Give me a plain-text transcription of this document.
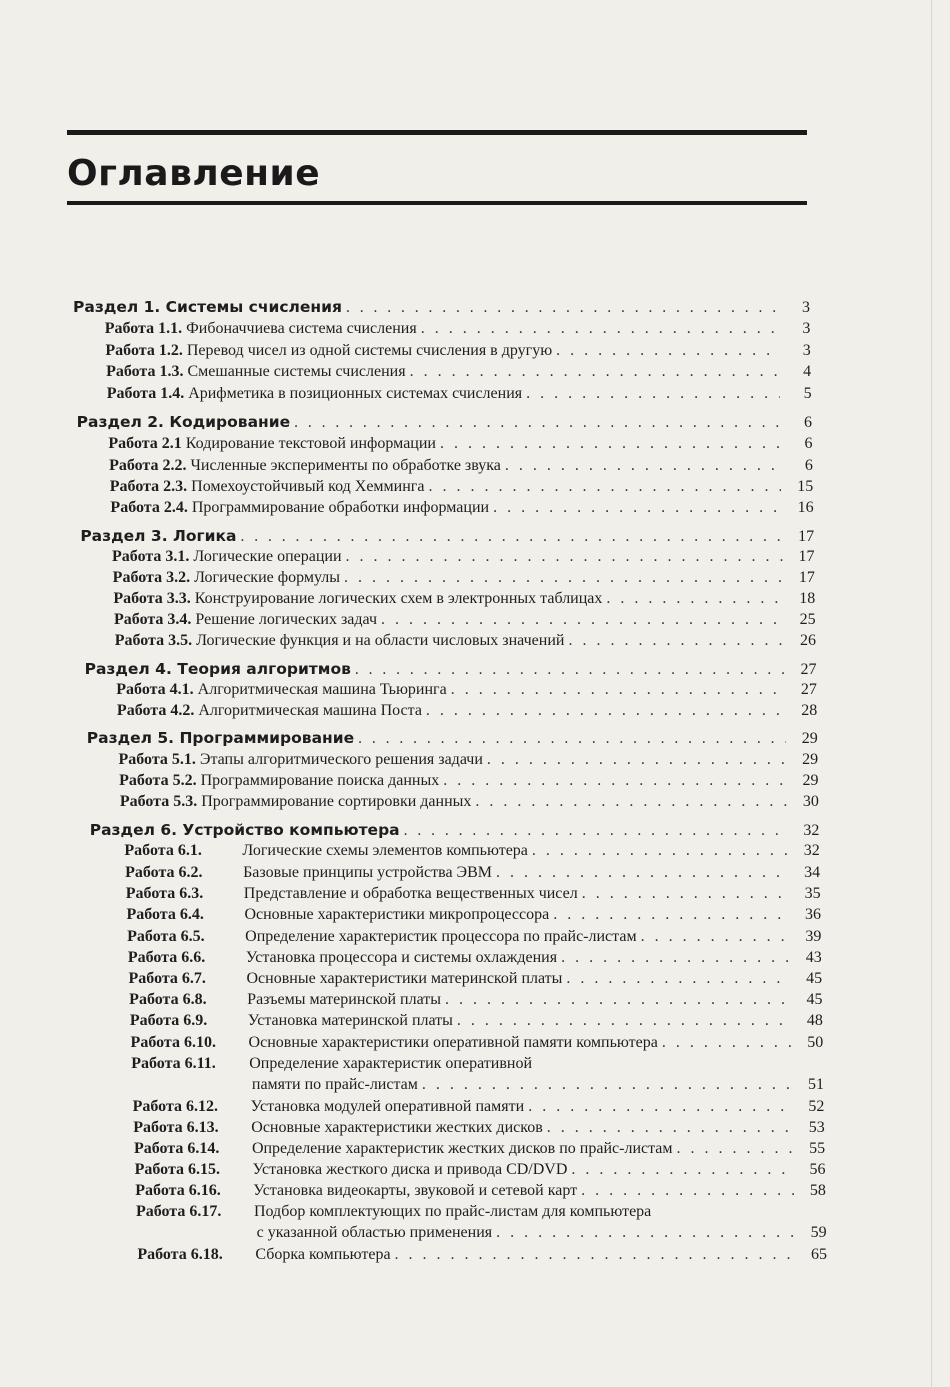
Оглавление
Раздел 1. Системы счисления . . .	3
Работа 1.1. Фибоначчиева система счисления . . .	3
Работа 1.2. Перевод чисел из одной системы счисления в другую . . .	3
Работа 1.3. Смешанные системы счисления . . .	4
Работа 1.4. Арифметика в позиционных системах счисления . . .	5
Раздел 2. Кодирование . . .	6
Работа 2.1 Кодирование текстовой информации . . .	6
Работа 2.2. Численные эксперименты по обработке звука . . .	6
Работа 2.3. Помехоустойчивый код Хемминга . . .	15
Работа 2.4. Программирование обработки информации . . .	16
Раздел 3. Логика . . .	17
Работа 3.1. Логические операции . . .	17
Работа 3.2. Логические формулы . . .	17
Работа 3.3. Конструирование логических схем в электронных таблицах . . .	18
Работа 3.4. Решение логических задач . . .	25
Работа 3.5. Логические функция и на области числовых значений . . .	26
Раздел 4. Теория алгоритмов . . .	27
Работа 4.1. Алгоритмическая машина Тьюринга . . .	27
Работа 4.2. Алгоритмическая машина Поста . . .	28
Раздел 5. Программирование . . .	29
Работа 5.1. Этапы алгоритмического решения задачи . . .	29
Работа 5.2. Программирование поиска данных . . .	29
Работа 5.3. Программирование сортировки данных . . .	30
Раздел 6. Устройство компьютера . . .	32
Работа 6.1.	Логические схемы элементов компьютера . . .	32
Работа 6.2.	Базовые принципы устройства ЭВМ . . .	34
Работа 6.3.	Представление и обработка вещественных чисел . . .	35
Работа 6.4.	Основные характеристики микропроцессора . . .	36
Работа 6.5.	Определение характеристик процессора по прайс-листам . . .	39
Работа 6.6.	Установка процессора и системы охлаждения . . .	43
Работа 6.7.	Основные характеристики материнской платы . . .	45
Работа 6.8.	Разъемы материнской платы . . .	45
Работа 6.9.	Установка материнской платы . . .	48
Работа 6.10. Основные характеристики оперативной памяти компьютера . . .	50
Работа 6.11. Определение характеристик оперативной
памяти по прайс-листам . . .	51
Работа 6.12. Установка модулей оперативной памяти . . .	52
Работа 6.13. Основные характеристики жестких дисков . . .	53
Работа 6.14. Определение характеристик жестких дисков по прайс-листам . . .	55
Работа 6.15. Установка жесткого диска и привода CD/DVD . . .	56
Работа 6.16. Установка видеокарты, звуковой и сетевой карт . . .	58
Работа 6.17. Подбор комплектующих по прайс-листам для компьютера
с указанной областью применения . . .	59
Работа 6.18. Сборка компьютера . . .	65
